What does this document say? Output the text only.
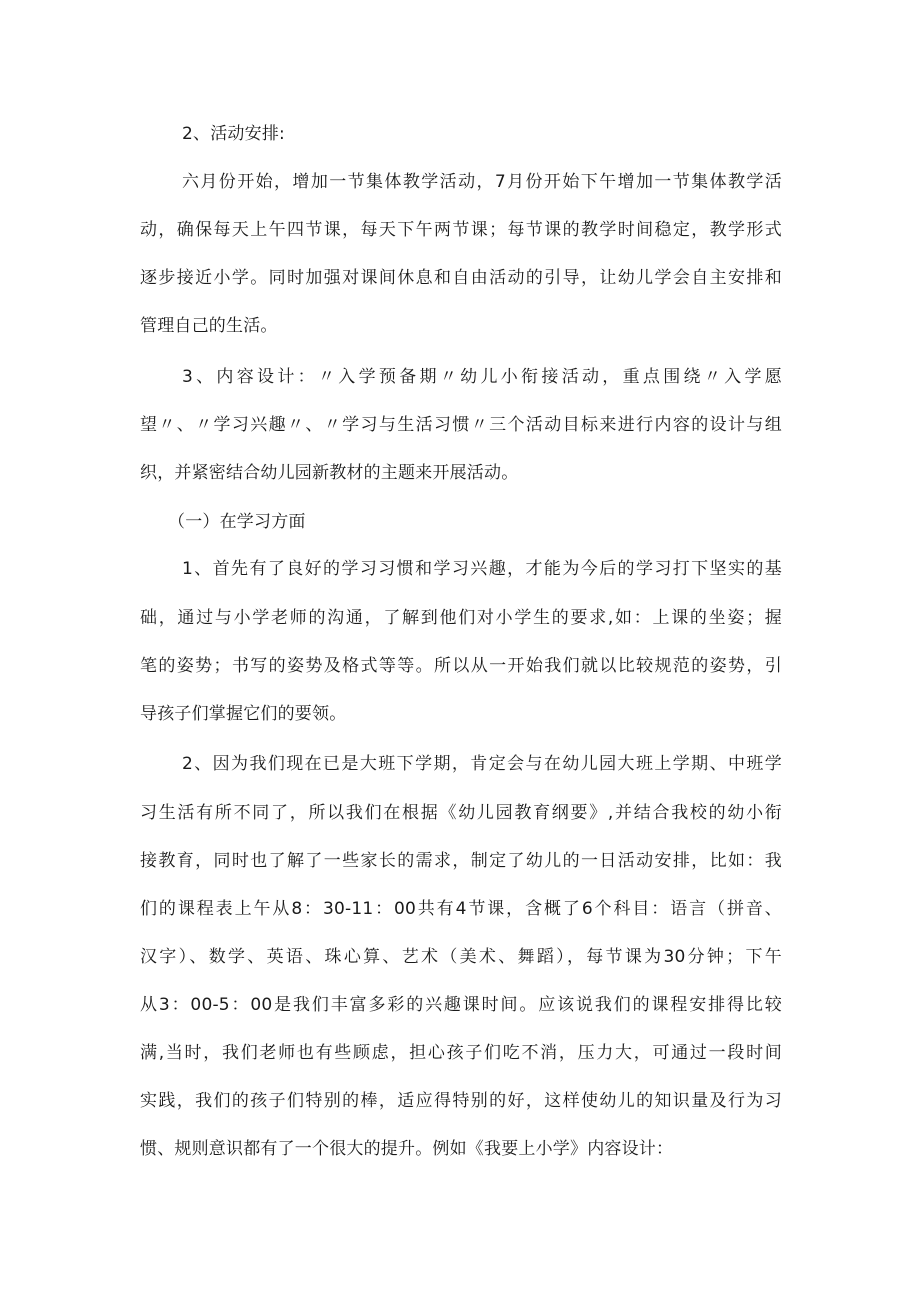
2、活动安排:
六月份开始，增加一节集体教学活动，7月份开始下午增加一节集体教学活
动，确保每天上午四节课，每天下午两节课；每节课的教学时间稳定，教学形式
逐步接近小学。同时加强对课间休息和自由活动的引导，让幼儿学会自主安排和
管理自己的生活。
3、内容设计：〃入学预备期〃幼儿小衔接活动，重点围绕〃入学愿
望〃、〃学习兴趣〃、〃学习与生活习惯〃三个活动目标来进行内容的设计与组
织，并紧密结合幼儿园新教材的主题来开展活动。
（一）在学习方面
1、首先有了良好的学习习惯和学习兴趣，才能为今后的学习打下坚实的基
础，通过与小学老师的沟通，了解到他们对小学生的要求,如：上课的坐姿；握
笔的姿势；书写的姿势及格式等等。所以从一开始我们就以比较规范的姿势，引
导孩子们掌握它们的要领。
2、因为我们现在已是大班下学期，肯定会与在幼儿园大班上学期、中班学
习生活有所不同了，所以我们在根据《幼儿园教育纲要》,并结合我校的幼小衔
接教育，同时也了解了一些家长的需求，制定了幼儿的一日活动安排，比如：我
们的课程表上午从8：30-11：00共有4节课，含概了6个科目：语言（拼音、
汉字）、数学、英语、珠心算、艺术（美术、舞蹈），每节课为30分钟；下午
从3：00-5：00是我们丰富多彩的兴趣课时间。应该说我们的课程安排得比较
满,当时，我们老师也有些顾虑，担心孩子们吃不消，压力大，可通过一段时间
实践，我们的孩子们特别的棒，适应得特别的好，这样使幼儿的知识量及行为习
惯、规则意识都有了一个很大的提升。例如《我要上小学》内容设计：
